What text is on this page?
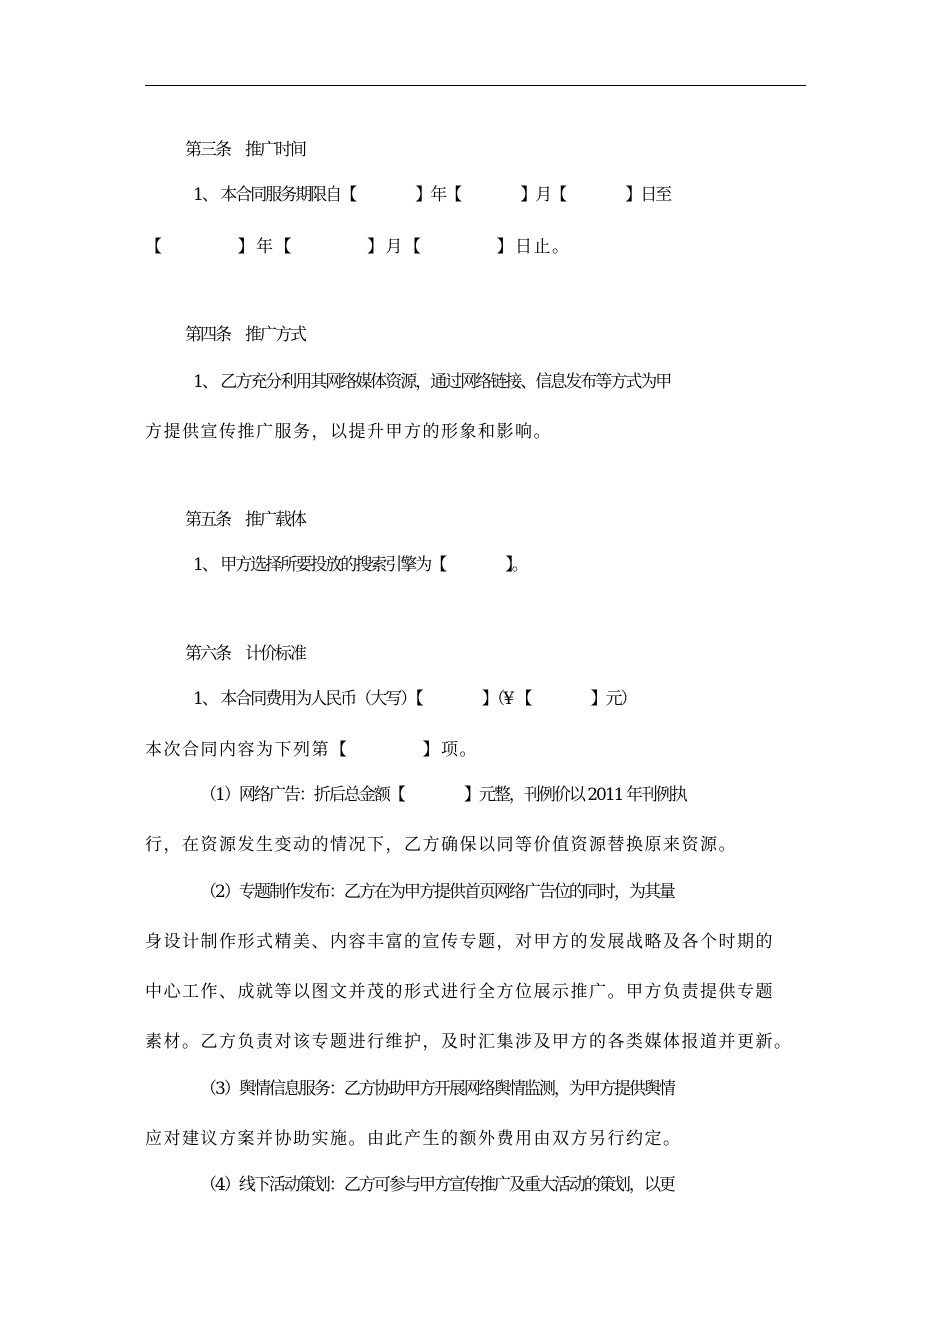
第三条　推广时间
1、 本合同服务期限自【　　　　】年【　　　　】月【　　　　】日至
【　　　　】年【　　　　】月【　　　　】日止。
第四条　推广方式
1、 乙方充分利用其网络媒体资源，通过网络链接、信息发布等方式为甲
方提供宣传推广服务，以提升甲方的形象和影响。
第五条　推广载体
1、 甲方选择所要投放的搜索引擎为【　　　　】。
第六条　计价标准
1、 本合同费用为人民币（大写）【　　　　】（¥ 【　　　　】元）
本次合同内容为下列第【　　　　】项。
（1）网络广告：折后总金额【　　　　】元整，刊例价以 2011 年刊例执
行，在资源发生变动的情况下，乙方确保以同等价值资源替换原来资源。
（2）专题制作发布：乙方在为甲方提供首页网络广告位的同时，为其量
身设计制作形式精美、内容丰富的宣传专题，对甲方的发展战略及各个时期的
中心工作、成就等以图文并茂的形式进行全方位展示推广。甲方负责提供专题
素材。乙方负责对该专题进行维护，及时汇集涉及甲方的各类媒体报道并更新。
（3）舆情信息服务：乙方协助甲方开展网络舆情监测，为甲方提供舆情
应对建议方案并协助实施。由此产生的额外费用由双方另行约定。
（4）线下活动策划：乙方可参与甲方宣传推广及重大活动的策划，以更
